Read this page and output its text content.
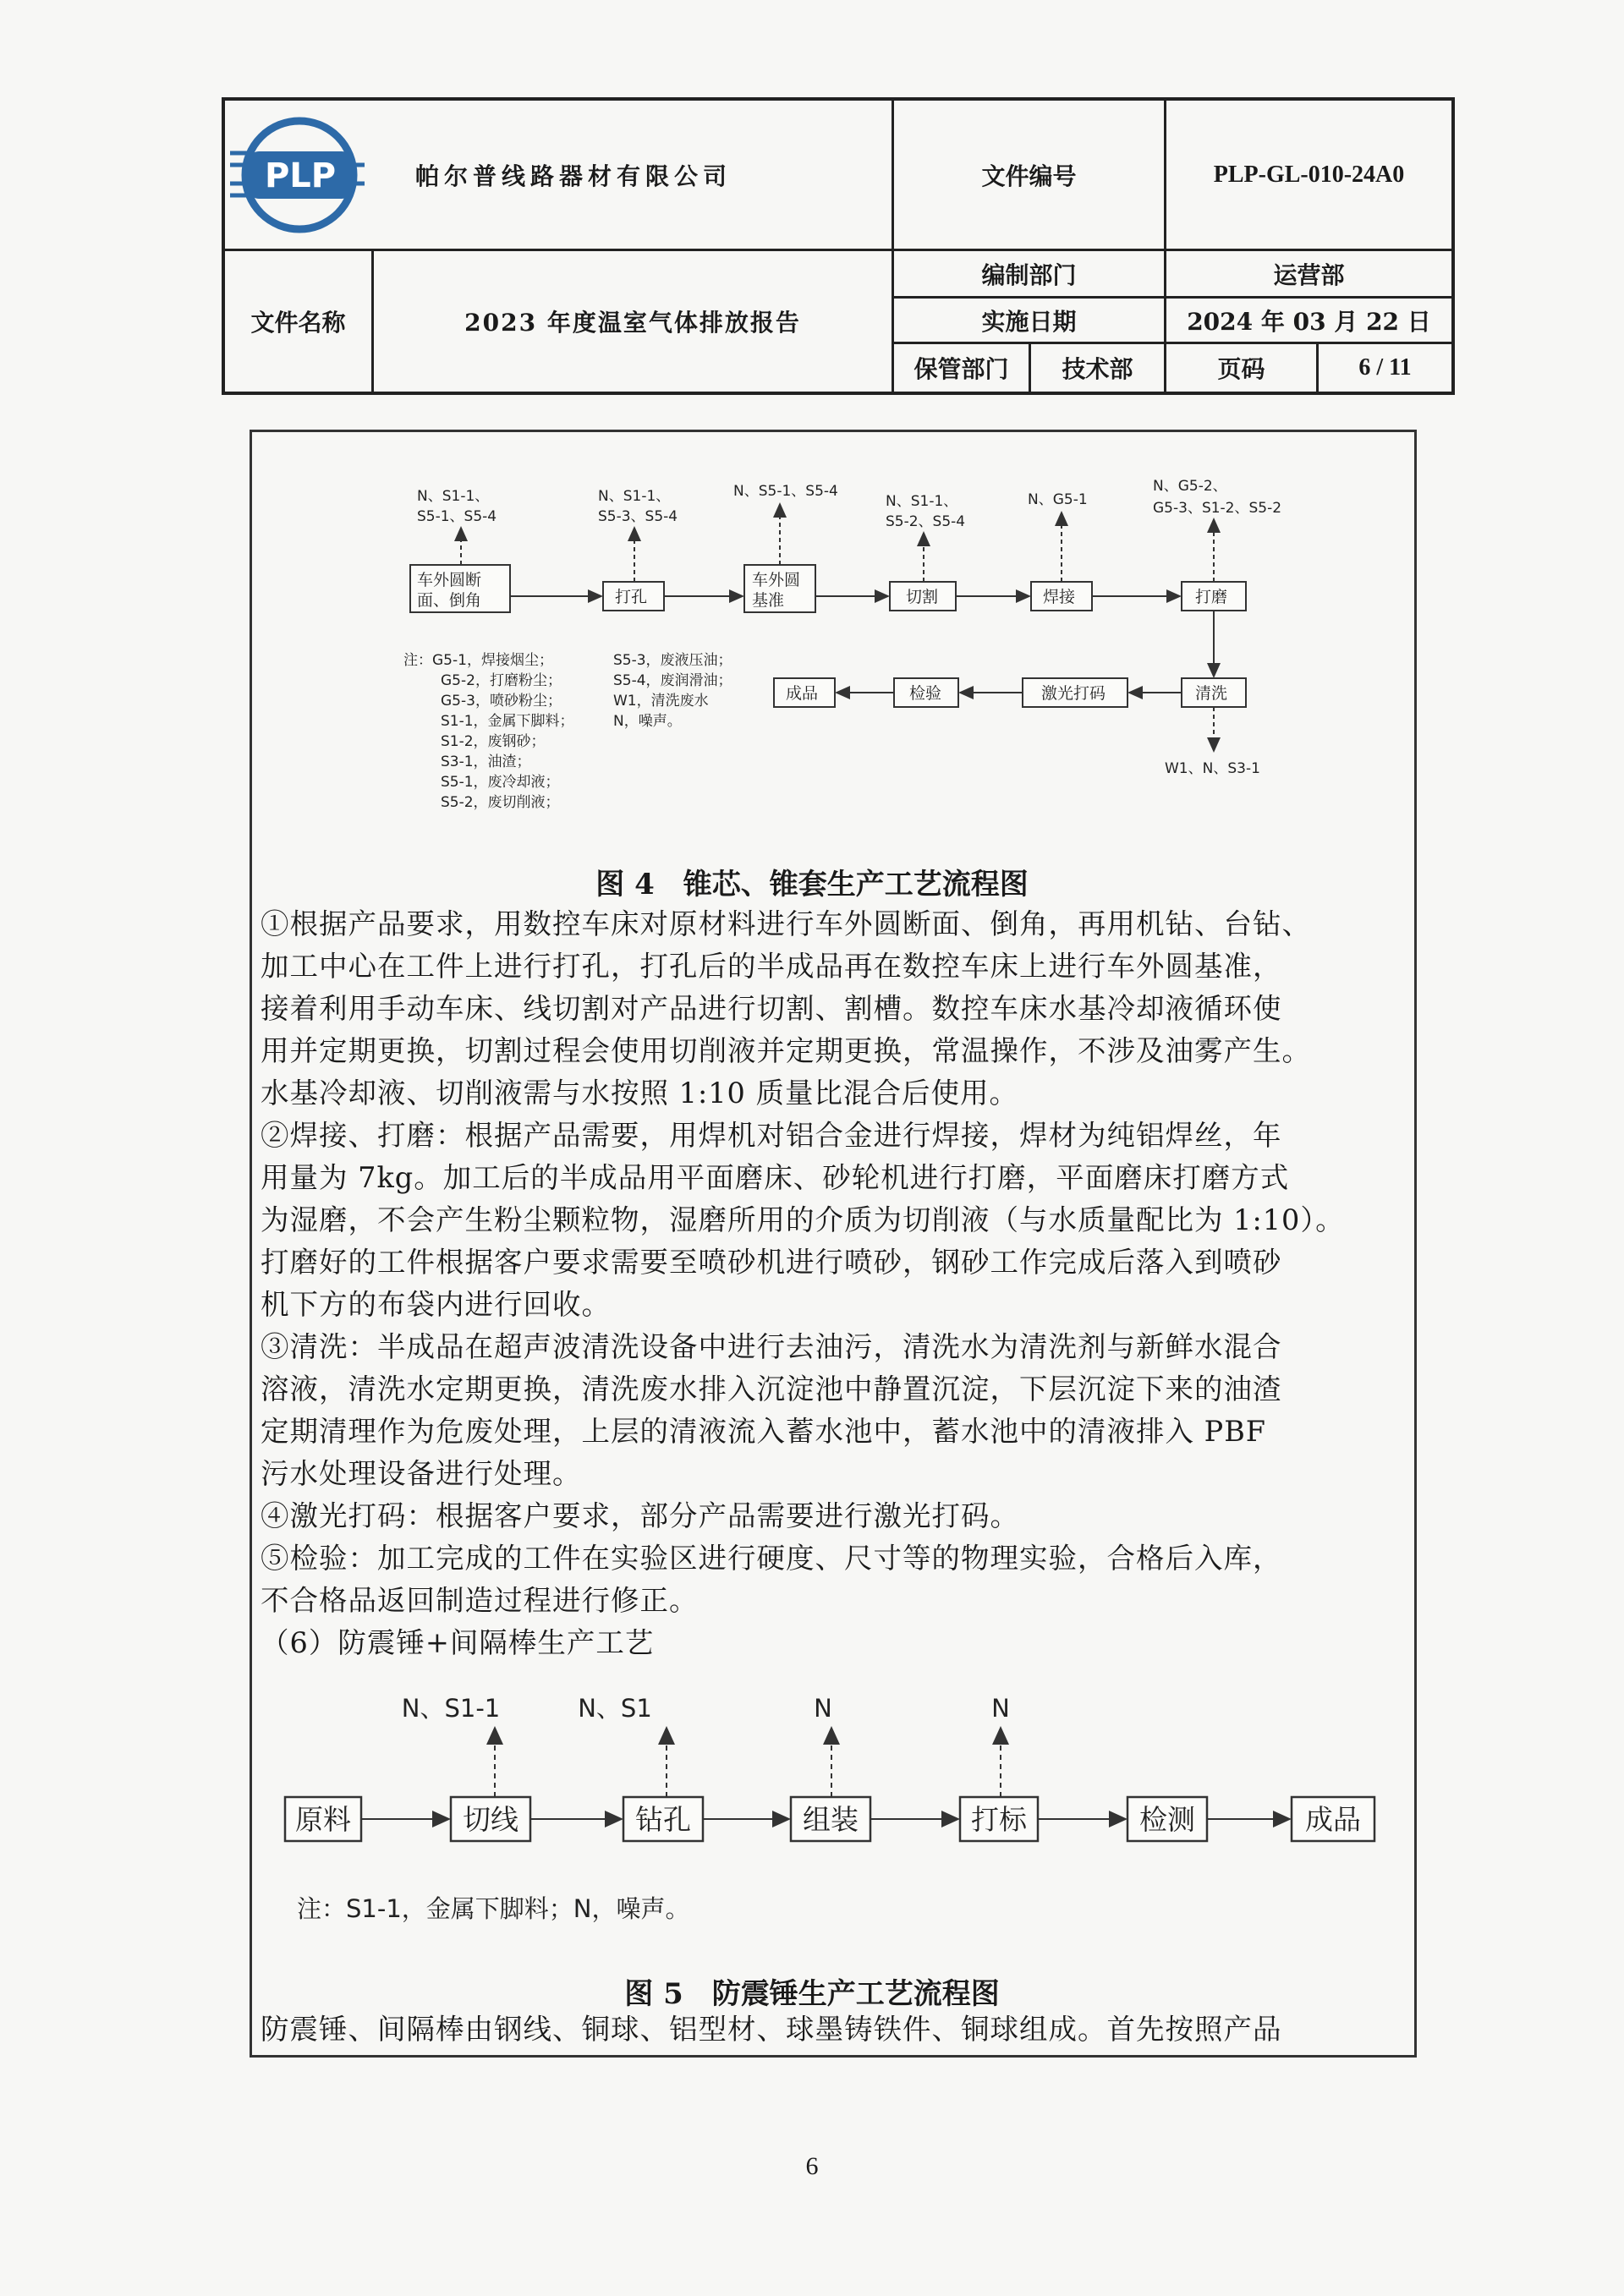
PLP	帕尔普线路器材有限公司	文件编号	PLP-GL-010-24A0
文件名称	2023 年度温室气体排放报告
编制部门	运营部
实施日期	2024 年 03 月 22 日
保管部门	技术部	页码	6 / 11
N、S1-1、
S5-1、S5-4
N、S1-1、
S5-3、S5-4
N、S5-1、S5-4
N、S1-1、
S5-2、S5-4
N、G5-1
N、G5-2、
G5-3、S1-2、S5-2
W1、N、S3-1
车外圆断
面、倒角	打孔
车外圆
基准	切割	焊接	打磨
清洗
激光打码
检验
成品
注：G5-1，焊接烟尘；
G5-2，打磨粉尘；
G5-3，喷砂粉尘；
S1-1，金属下脚料；
S1-2，废钢砂；
S3-1，油渣；
S5-1，废冷却液；
S5-2，废切削液；
S5-3，废液压油；
S5-4，废润滑油；
W1，清洗废水
N，噪声。
图 4　锥芯、锥套生产工艺流程图
①根据产品要求，用数控车床对原材料进行车外圆断面、倒角，再用机钻、台钻、
加工中心在工件上进行打孔，打孔后的半成品再在数控车床上进行车外圆基准，
接着利用手动车床、线切割对产品进行切割、割槽。数控车床水基冷却液循环使
用并定期更换，切割过程会使用切削液并定期更换，常温操作，不涉及油雾产生。
水基冷却液、切削液需与水按照 1:10 质量比混合后使用。
②焊接、打磨：根据产品需要，用焊机对铝合金进行焊接，焊材为纯铝焊丝，年
用量为 7kg。加工后的半成品用平面磨床、砂轮机进行打磨，平面磨床打磨方式
为湿磨，不会产生粉尘颗粒物，湿磨所用的介质为切削液（与水质量配比为 1:10）。
打磨好的工件根据客户要求需要至喷砂机进行喷砂，钢砂工作完成后落入到喷砂
机下方的布袋内进行回收。
③清洗：半成品在超声波清洗设备中进行去油污，清洗水为清洗剂与新鲜水混合
溶液，清洗水定期更换，清洗废水排入沉淀池中静置沉淀，下层沉淀下来的油渣
定期清理作为危废处理，上层的清液流入蓄水池中，蓄水池中的清液排入 PBF
污水处理设备进行处理。
④激光打码：根据客户要求，部分产品需要进行激光打码。
⑤检验：加工完成的工件在实验区进行硬度、尺寸等的物理实验，合格后入库，
不合格品返回制造过程进行修正。
（6）防震锤+间隔棒生产工艺
N、S1-1	N、S1	N	N
原料	切线	钻孔	组装	打标	检测	成品
注：S1-1，金属下脚料；N，噪声。
图 5　防震锤生产工艺流程图
防震锤、间隔棒由钢线、铜球、铝型材、球墨铸铁件、铜球组成。首先按照产品
6
